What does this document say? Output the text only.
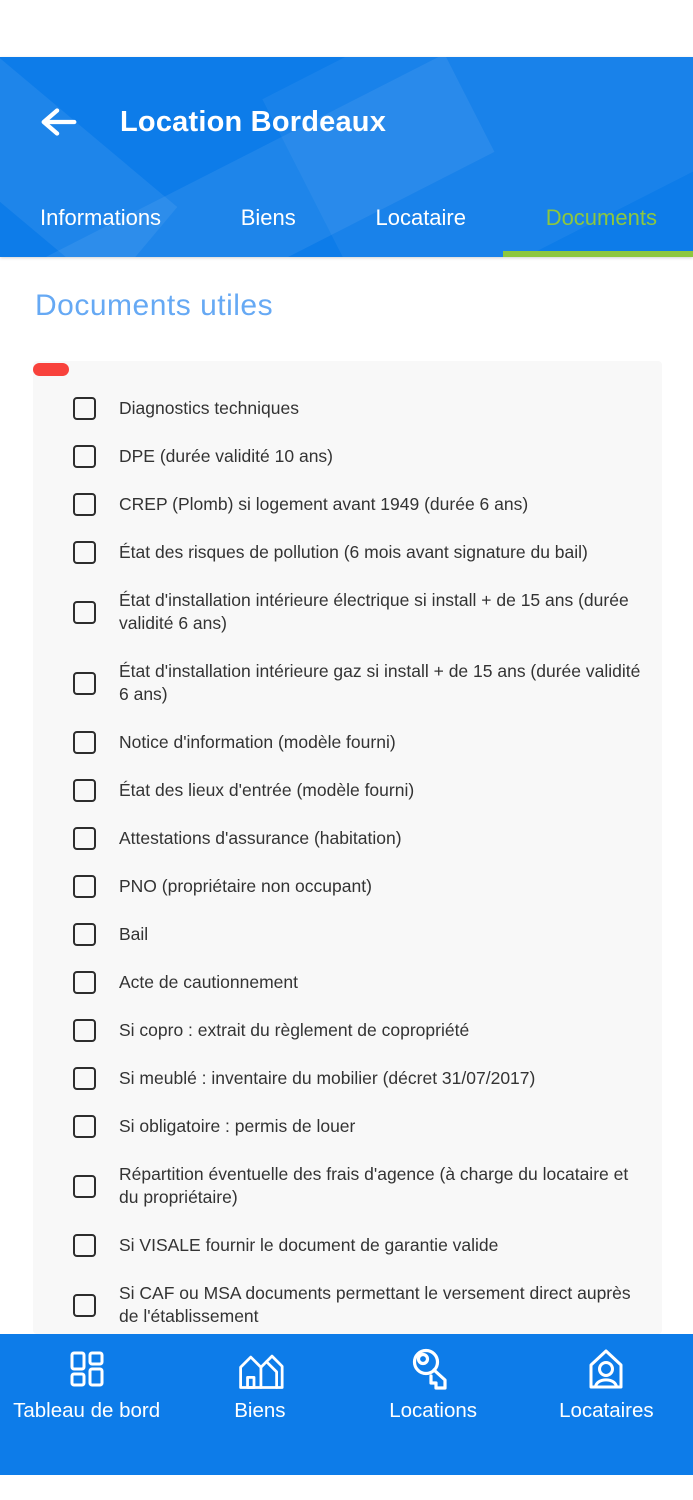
Location Bordeaux
Informations	Biens	Locataire	Documents
Documents utiles
Diagnostics techniques
DPE (durée validité 10 ans)
CREP (Plomb) si logement avant 1949 (durée 6 ans)
État des risques de pollution (6 mois avant signature du bail)
État d'installation intérieure électrique si install + de 15 ans (durée validité 6 ans)
État d'installation intérieure gaz si install + de 15 ans (durée validité 6 ans)
Notice d'information (modèle fourni)
État des lieux d'entrée (modèle fourni)
Attestations d'assurance (habitation)
PNO (propriétaire non occupant)
Bail
Acte de cautionnement
Si copro : extrait du règlement de copropriété
Si meublé : inventaire du mobilier (décret 31/07/2017)
Si obligatoire : permis de louer
Répartition éventuelle des frais d'agence (à charge du locataire et du propriétaire)
Si VISALE fournir le document de garantie valide
Si CAF ou MSA documents permettant le versement direct auprès de l'établissement
Tableau de bord	Biens	Locations	Locataires
